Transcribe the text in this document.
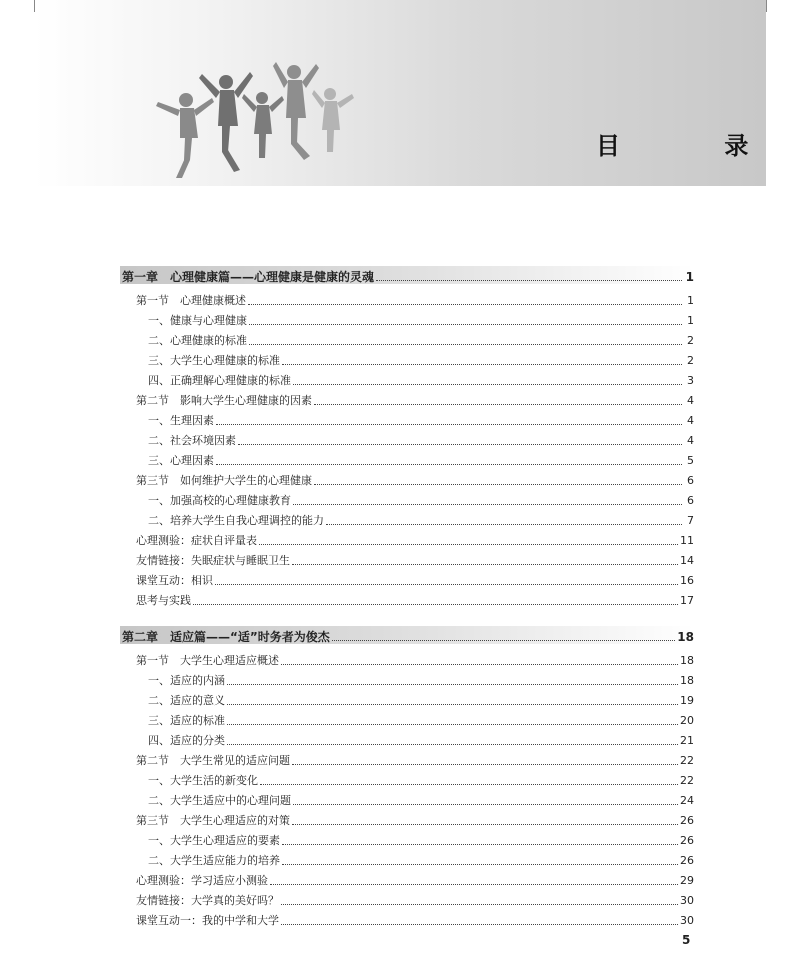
目 录
第一章　心理健康篇——心理健康是健康的灵魂	1
第一节　心理健康概述	1
一、健康与心理健康	1
二、心理健康的标准	2
三、大学生心理健康的标准	2
四、正确理解心理健康的标准	3
第二节　影响大学生心理健康的因素	4
一、生理因素	4
二、社会环境因素	4
三、心理因素	5
第三节　如何维护大学生的心理健康	6
一、加强高校的心理健康教育	6
二、培养大学生自我心理调控的能力	7
心理测验：症状自评量表	11
友情链接：失眠症状与睡眠卫生	14
课堂互动：相识	16
思考与实践	17
第二章　适应篇——“适”时务者为俊杰	18
第一节　大学生心理适应概述	18
一、适应的内涵	18
二、适应的意义	19
三、适应的标准	20
四、适应的分类	21
第二节　大学生常见的适应问题	22
一、大学生活的新变化	22
二、大学生适应中的心理问题	24
第三节　大学生心理适应的对策	26
一、大学生心理适应的要素	26
二、大学生适应能力的培养	26
心理测验：学习适应小测验	29
友情链接：大学真的美好吗？	30
课堂互动一：我的中学和大学	30
5
